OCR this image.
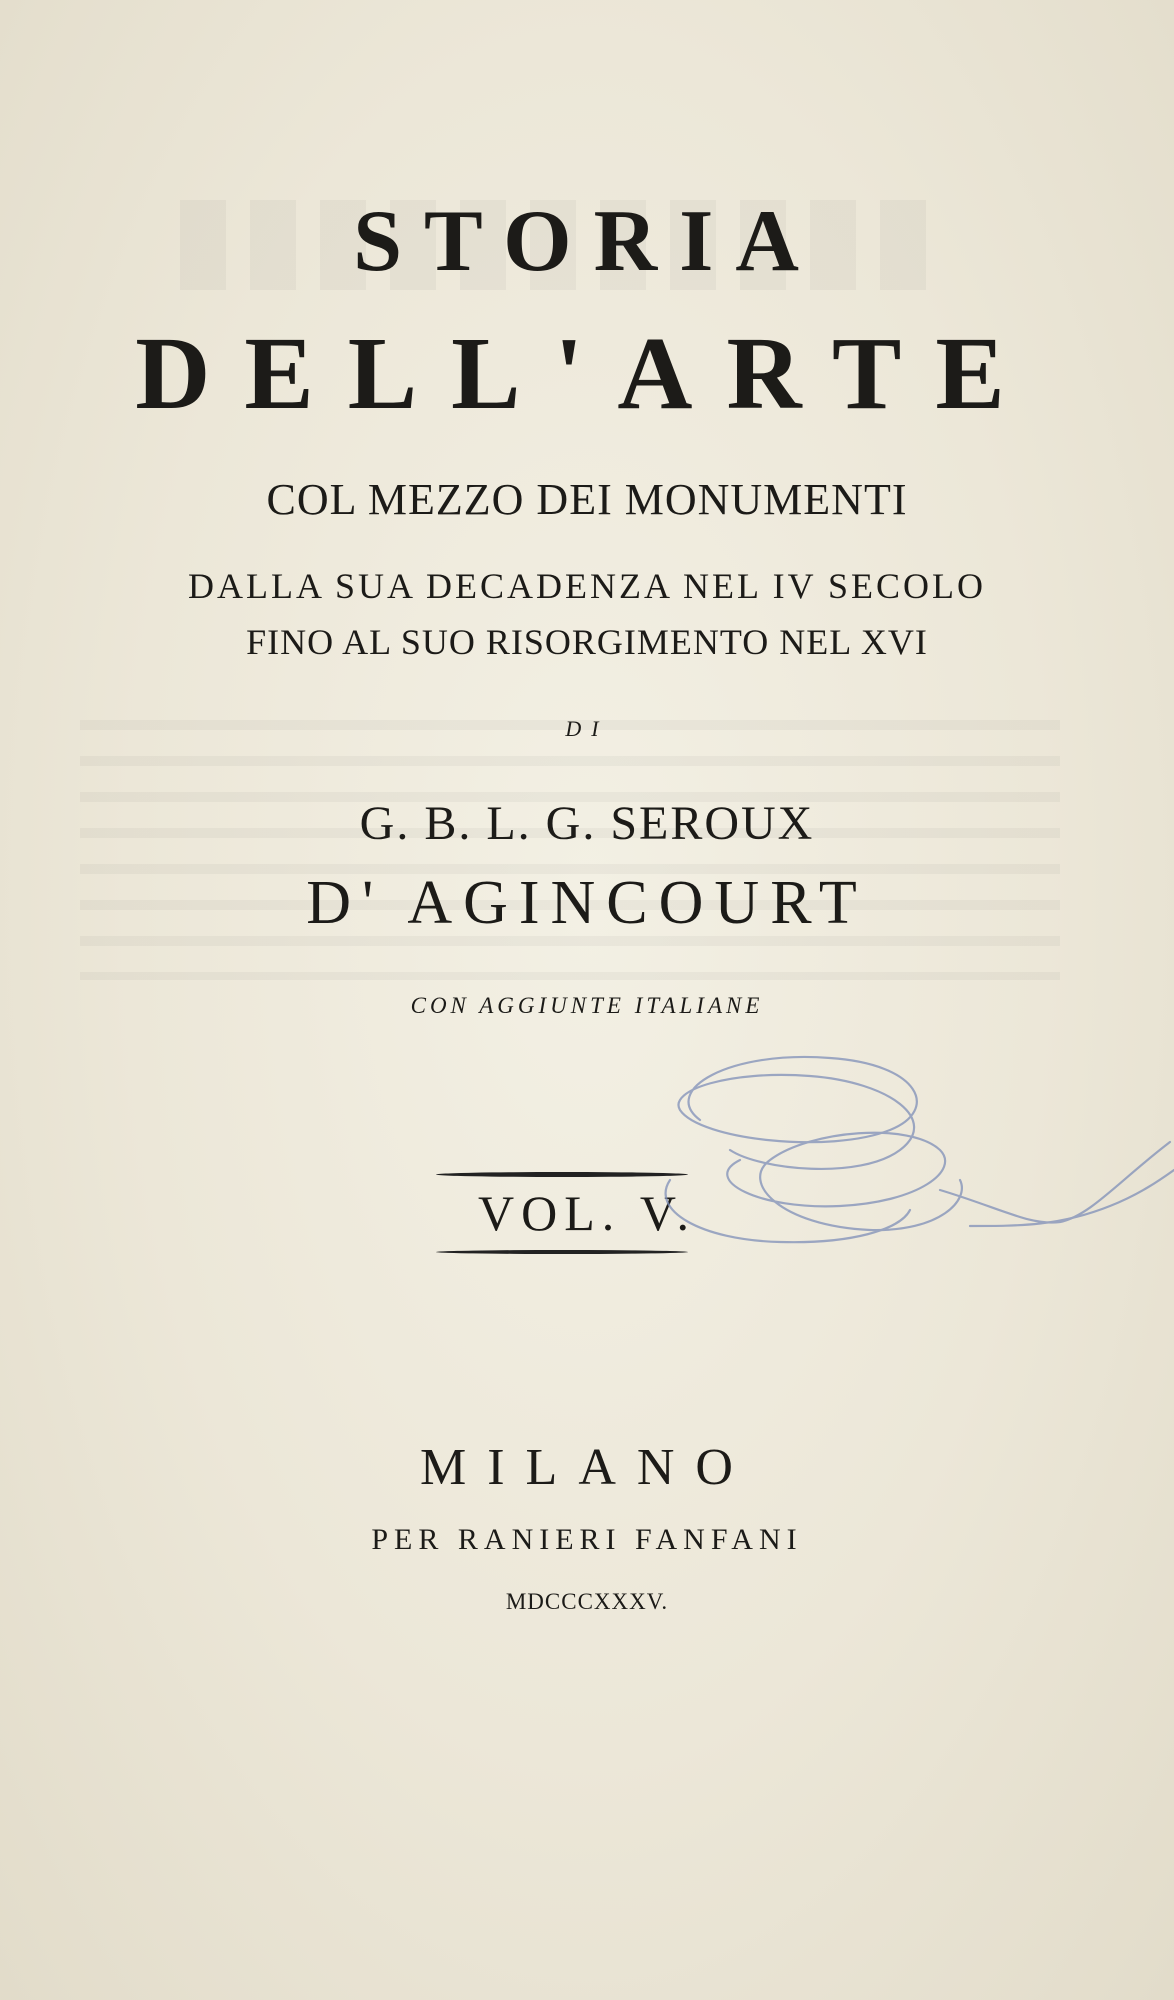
STORIA
DELL'ARTE
COL MEZZO DEI MONUMENTI
DALLA SUA DECADENZA NEL IV SECOLO
FINO AL SUO RISORGIMENTO NEL XVI
DI
G. B. L. G. SEROUX
D' AGINCOURT
CON AGGIUNTE ITALIANE
VOL. V.
MILANO
PER RANIERI FANFANI
MDCCCXXXV.
